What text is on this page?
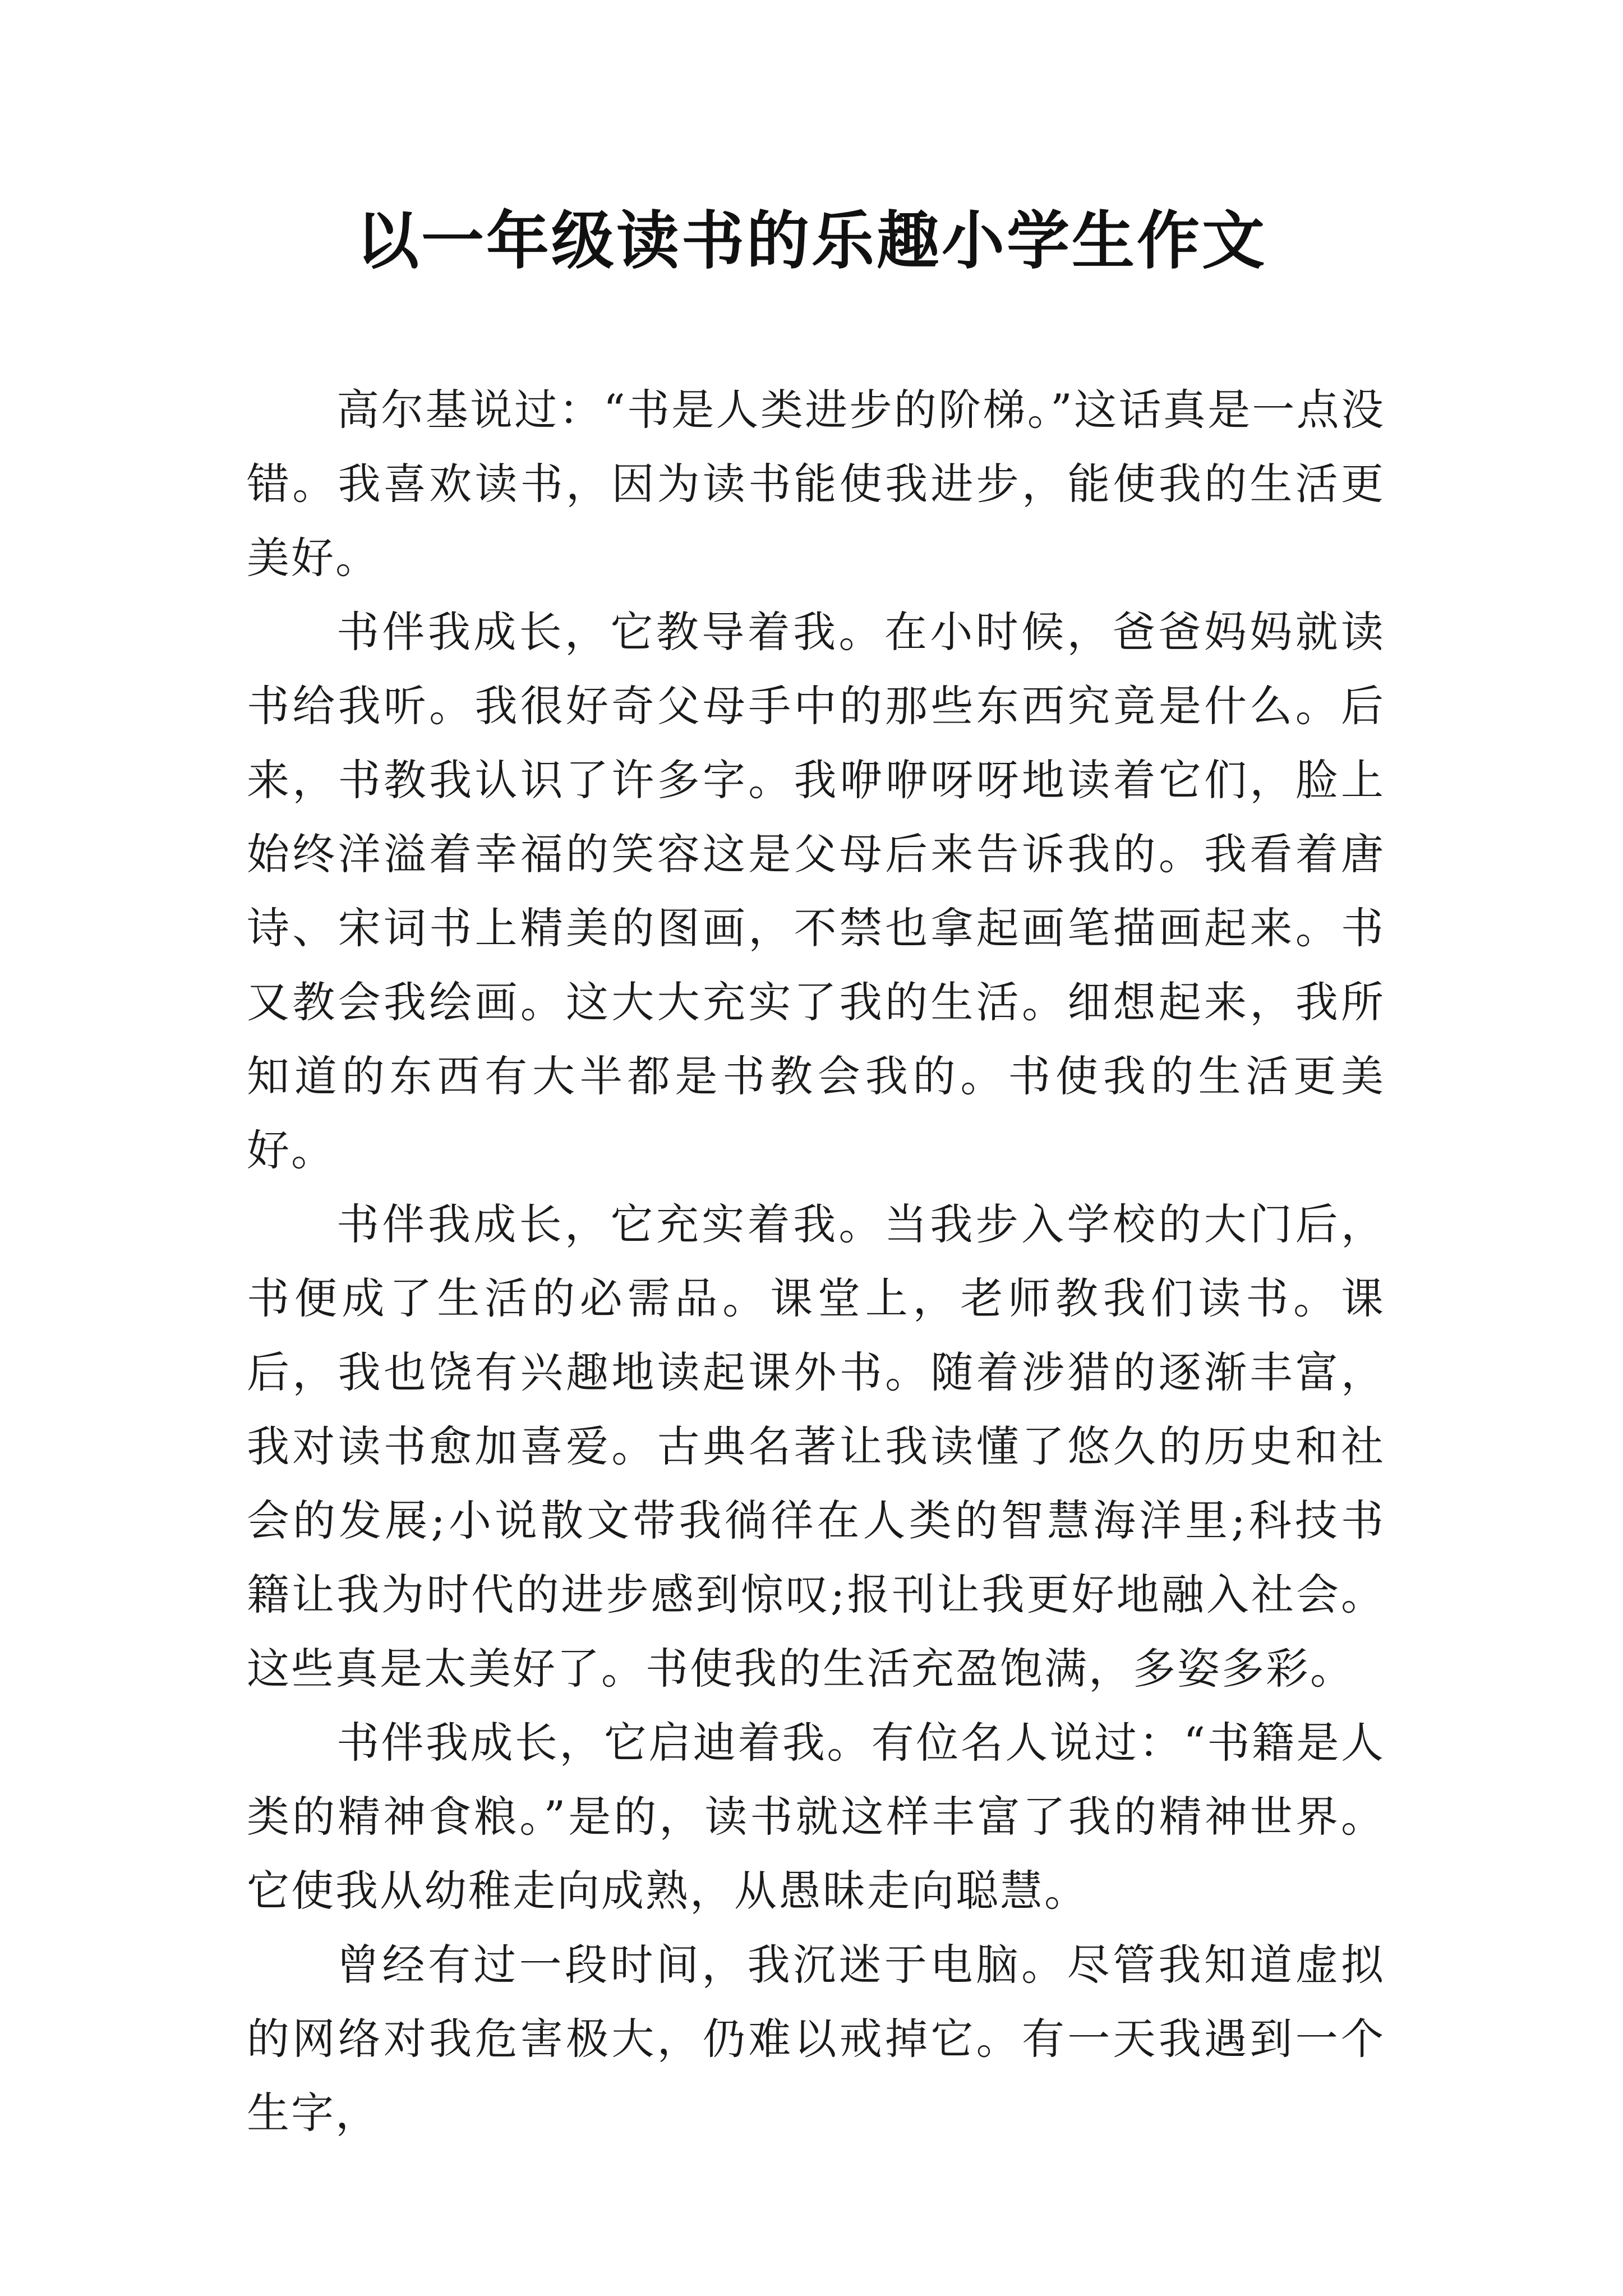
以一年级读书的乐趣小学生作文

高尔基说过：“书是人类进步的阶梯。”这话真是一点没错。我喜欢读书，因为读书能使我进步，能使我的生活更美好。

书伴我成长，它教导着我。在小时候，爸爸妈妈就读书给我听。我很好奇父母手中的那些东西究竟是什么。后来，书教我认识了许多字。我咿咿呀呀地读着它们，脸上始终洋溢着幸福的笑容这是父母后来告诉我的。我看着唐诗、宋词书上精美的图画，不禁也拿起画笔描画起来。书又教会我绘画。这大大充实了我的生活。细想起来，我所知道的东西有大半都是书教会我的。书使我的生活更美好。

书伴我成长，它充实着我。当我步入学校的大门后，书便成了生活的必需品。课堂上，老师教我们读书。课后，我也饶有兴趣地读起课外书。随着涉猎的逐渐丰富，我对读书愈加喜爱。古典名著让我读懂了悠久的历史和社会的发展;小说散文带我徜徉在人类的智慧海洋里;科技书籍让我为时代的进步感到惊叹;报刊让我更好地融入社会。这些真是太美好了。书使我的生活充盈饱满，多姿多彩。

书伴我成长，它启迪着我。有位名人说过：“书籍是人类的精神食粮。”是的，读书就这样丰富了我的精神世界。它使我从幼稚走向成熟，从愚昧走向聪慧。

曾经有过一段时间，我沉迷于电脑。尽管我知道虚拟的网络对我危害极大，仍难以戒掉它。有一天我遇到一个生字，
